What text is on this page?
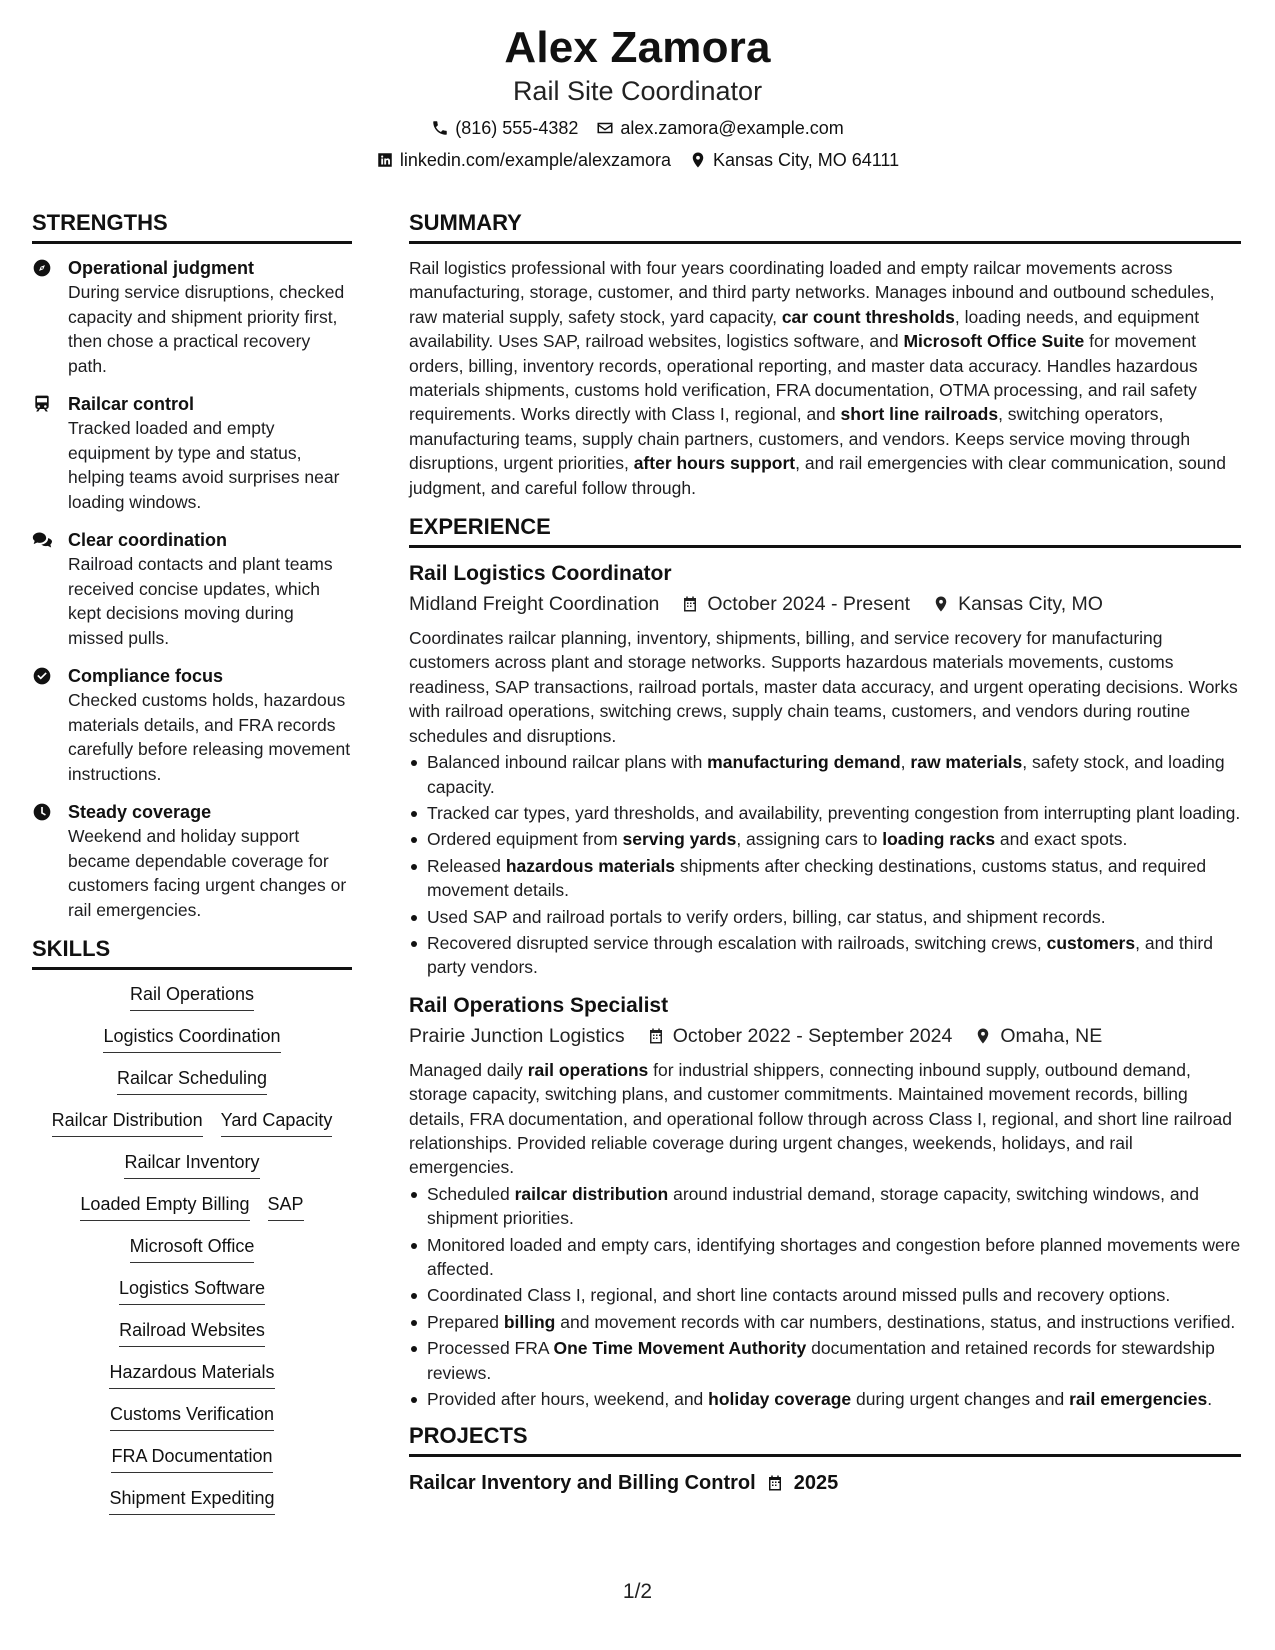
Alex Zamora
Rail Site Coordinator
(816) 555-4382 alex.zamora@example.com
linkedin.com/example/alexzamora Kansas City, MO 64111
STRENGTHS
Operational judgment
During service disruptions, checked capacity and shipment priority first, then chose a practical recovery path.
Railcar control
Tracked loaded and empty equipment by type and status, helping teams avoid surprises near loading windows.
Clear coordination
Railroad contacts and plant teams received concise updates, which kept decisions moving during missed pulls.
Compliance focus
Checked customs holds, hazardous materials details, and FRA records carefully before releasing movement instructions.
Steady coverage
Weekend and holiday support became dependable coverage for customers facing urgent changes or rail emergencies.
SKILLS
Rail Operations
Logistics Coordination
Railcar Scheduling
Railcar Distribution Yard Capacity
Railcar Inventory
Loaded Empty Billing SAP
Microsoft Office
Logistics Software
Railroad Websites
Hazardous Materials
Customs Verification
FRA Documentation
Shipment Expediting
SUMMARY

Rail logistics professional with four years coordinating loaded and empty railcar movements across manufacturing, storage, customer, and third party networks. Manages inbound and outbound schedules, raw material supply, safety stock, yard capacity, car count thresholds, loading needs, and equipment availability. Uses SAP, railroad websites, logistics software, and Microsoft Office Suite for movement orders, billing, inventory records, operational reporting, and master data accuracy. Handles hazardous materials shipments, customs hold verification, FRA documentation, OTMA processing, and rail safety requirements. Works directly with Class I, regional, and short line railroads, switching operators, manufacturing teams, supply chain partners, customers, and vendors. Keeps service moving through disruptions, urgent priorities, after hours support, and rail emergencies with clear communication, sound judgment, and careful follow through.

EXPERIENCE
Rail Logistics Coordinator
Midland Freight Coordination October 2024 - Present Kansas City, MO
Coordinates railcar planning, inventory, shipments, billing, and service recovery for manufacturing customers across plant and storage networks. Supports hazardous materials movements, customs readiness, SAP transactions, railroad portals, master data accuracy, and urgent operating decisions. Works with railroad operations, switching crews, supply chain teams, customers, and vendors during routine schedules and disruptions.
Balanced inbound railcar plans with manufacturing demand, raw materials, safety stock, and loading capacity.
Tracked car types, yard thresholds, and availability, preventing congestion from interrupting plant loading.
Ordered equipment from serving yards, assigning cars to loading racks and exact spots.
Released hazardous materials shipments after checking destinations, customs status, and required movement details.
Used SAP and railroad portals to verify orders, billing, car status, and shipment records.
Recovered disrupted service through escalation with railroads, switching crews, customers, and third party vendors.
Rail Operations Specialist
Prairie Junction Logistics October 2022 - September 2024 Omaha, NE
Managed daily rail operations for industrial shippers, connecting inbound supply, outbound demand, storage capacity, switching plans, and customer commitments. Maintained movement records, billing details, FRA documentation, and operational follow through across Class I, regional, and short line railroad relationships. Provided reliable coverage during urgent changes, weekends, holidays, and rail emergencies.
Scheduled railcar distribution around industrial demand, storage capacity, switching windows, and shipment priorities.
Monitored loaded and empty cars, identifying shortages and congestion before planned movements were affected.
Coordinated Class I, regional, and short line contacts around missed pulls and recovery options.
Prepared billing and movement records with car numbers, destinations, status, and instructions verified.
Processed FRA One Time Movement Authority documentation and retained records for stewardship reviews.
Provided after hours, weekend, and holiday coverage during urgent changes and rail emergencies.
PROJECTS
Railcar Inventory and Billing Control 2025
1/2
